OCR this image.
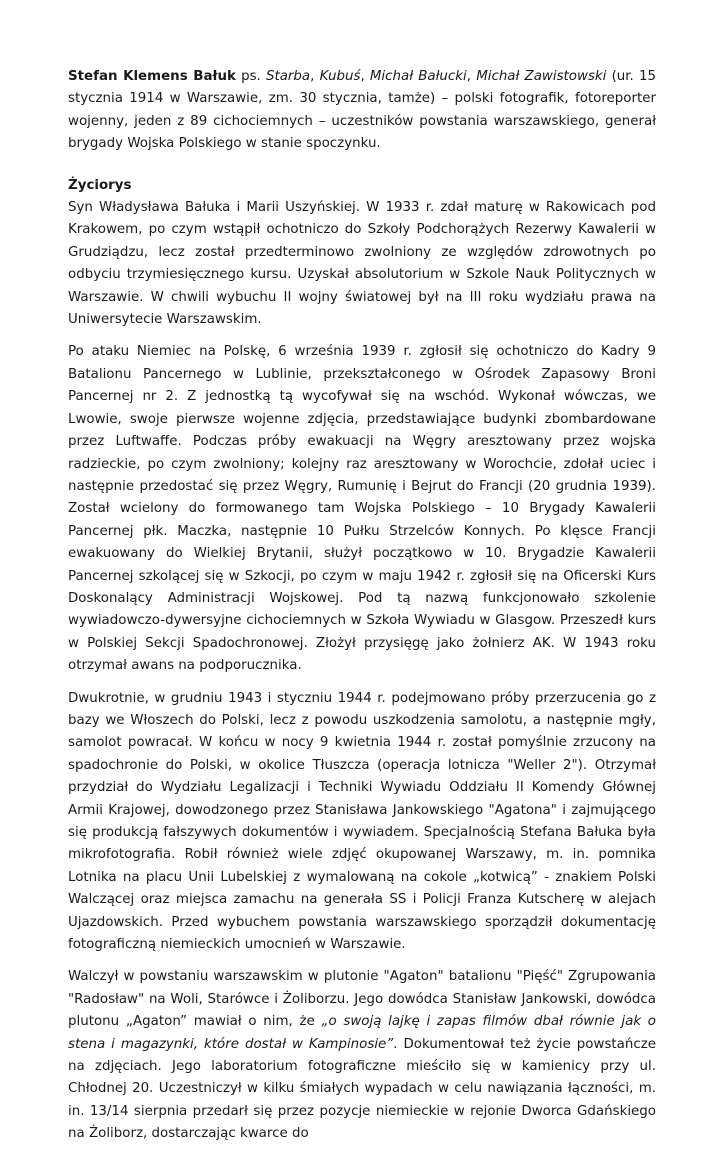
Stefan Klemens Bałuk ps. Starba, Kubuś, Michał Bałucki, Michał Zawistowski (ur. 15 stycznia 1914 w Warszawie, zm. 30 stycznia, tamże) – polski fotografik, fotoreporter wojenny, jeden z 89 cichociemnych – uczestników powstania warszawskiego, generał brygady Wojska Polskiego w stanie spoczynku.

Życiorys

Syn Władysława Bałuka i Marii Uszyńskiej. W 1933 r. zdał maturę w Rakowicach pod Krakowem, po czym wstąpił ochotniczo do Szkoły Podchorążych Rezerwy Kawalerii w Grudziądzu, lecz został przedterminowo zwolniony ze względów zdrowotnych po odbyciu trzymiesięcznego kursu. Uzyskał absolutorium w Szkole Nauk Politycznych w Warszawie. W chwili wybuchu II wojny światowej był na III roku wydziału prawa na Uniwersytecie Warszawskim.

Po ataku Niemiec na Polskę, 6 września 1939 r. zgłosił się ochotniczo do Kadry 9 Batalionu Pancernego w Lublinie, przekształconego w Ośrodek Zapasowy Broni Pancernej nr 2. Z jednostką tą wycofywał się na wschód. Wykonał wówczas, we Lwowie, swoje pierwsze wojenne zdjęcia, przedstawiające budynki zbombardowane przez Luftwaffe. Podczas próby ewakuacji na Węgry aresztowany przez wojska radzieckie, po czym zwolniony; kolejny raz aresztowany w Worochcie, zdołał uciec i następnie przedostać się przez Węgry, Rumunię i Bejrut do Francji (20 grudnia 1939). Został wcielony do formowanego tam Wojska Polskiego – 10 Brygady Kawalerii Pancernej płk. Maczka, następnie 10 Pułku Strzelców Konnych. Po klęsce Francji ewakuowany do Wielkiej Brytanii, służył początkowo w 10. Brygadzie Kawalerii Pancernej szkolącej się w Szkocji, po czym w maju 1942 r. zgłosił się na Oficerski Kurs Doskonalący Administracji Wojskowej. Pod tą nazwą funkcjonowało szkolenie wywiadowczo-dywersyjne cichociemnych w Szkoła Wywiadu w Glasgow. Przeszedł kurs w Polskiej Sekcji Spadochronowej. Złożył przysięgę jako żołnierz AK. W 1943 roku otrzymał awans na podporucznika.

Dwukrotnie, w grudniu 1943 i styczniu 1944 r. podejmowano próby przerzucenia go z bazy we Włoszech do Polski, lecz z powodu uszkodzenia samolotu, a następnie mgły, samolot powracał. W końcu w nocy 9 kwietnia 1944 r. został pomyślnie zrzucony na spadochronie do Polski, w okolice Tłuszcza (operacja lotnicza "Weller 2"). Otrzymał przydział do Wydziału Legalizacji i Techniki Wywiadu Oddziału II Komendy Głównej Armii Krajowej, dowodzonego przez Stanisława Jankowskiego "Agatona" i zajmującego się produkcją fałszywych dokumentów i wywiadem. Specjalnością Stefana Bałuka była mikrofotografia. Robił również wiele zdjęć okupowanej Warszawy, m. in. pomnika Lotnika na placu Unii Lubelskiej z wymalowaną na cokole „kotwicą” - znakiem Polski Walczącej oraz miejsca zamachu na generała SS i Policji Franza Kutscherę w alejach Ujazdowskich. Przed wybuchem powstania warszawskiego sporządził dokumentację fotograficzną niemieckich umocnień w Warszawie.

Walczył w powstaniu warszawskim w plutonie "Agaton" batalionu "Pięść" Zgrupowania "Radosław" na Woli, Starówce i Żoliborzu. Jego dowódca Stanisław Jankowski, dowódca plutonu „Agaton” mawiał o nim, że „o swoją lajkę i zapas filmów dbał równie jak o stena i magazynki, które dostał w Kampinosie”. Dokumentował też życie powstańcze na zdjęciach. Jego laboratorium fotograficzne mieściło się w kamienicy przy ul. Chłodnej 20. Uczestniczył w kilku śmiałych wypadach w celu nawiązania łączności, m. in. 13/14 sierpnia przedarł się przez pozycje niemieckie w rejonie Dworca Gdańskiego na Żoliborz, dostarczając kwarce do
